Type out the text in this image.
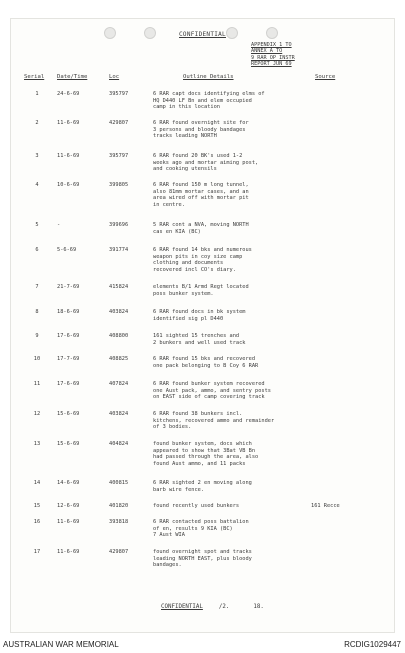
CONFIDENTIAL
APPENDIX 1 TO
ANNEX A TO
9 RAR OP INSTR
REPORT JUN 69
Serial Date/Time	Loc	Outline Details	Source
1	24-6-69	395797	6 RAR capt docs identifying elms of
HQ D440 LF Bn and elem occupied
camp in this location
2	11-6-69	429807	6 RAR found overnight site for
3 persons and bloody bandages
tracks leading NORTH
3	11-6-69	395797	6 RAR found 20 BK's used 1-2
weeks ago and mortar aiming post,
and cooking utensils
4	10-6-69	399805	6 RAR found 150 m long tunnel,
also 81mm mortar cases, and an
area wired off with mortar pit
in centre.
5	-	399696	5 RAR cont a NVA, moving NORTH
cas en KIA (BC)
6	5-6-69	391774	6 RAR found 14 bks and numerous
weapon pits in coy size camp
clothing and documents
recovered incl CO's diary.
7	21-7-69	415824	elements B/1 Armd Regt located
poss bunker system.
8	18-6-69	403824	6 RAR found docs in bk system
identified sig pl D440
9	17-6-69	408800	161 sighted 15 trenches and
2 bunkers and well used track
10	17-7-69	408825	6 RAR found 15 bks and recovered
one pack belonging to B Coy 6 RAR
11	17-6-69	407824	6 RAR found bunker system recovered
one Aust pack, ammo, and sentry posts
on EAST side of camp covering track
12	15-6-69	403824	6 RAR found 38 bunkers incl.
kitchens, recovered ammo and remainder
of 3 bodies.
13	15-6-69	404824	found bunker system, docs which
appeared to show that 3Bat VB Bn
had passed through the area, also
found Aust ammo, and 11 packs
14	14-6-69	400815	6 RAR sighted 2 en moving along
barb wire fence.
15	12-6-69	401820	found recently used bunkers	161 Recce
16	11-6-69	393818	6 RAR contacted poss battalion
of en, results 9 KIA (BC)
7 Aust WIA
17	11-6-69	429807	found overnight spot and tracks
leading NORTH EAST, plus bloody
bandages.
CONFIDENTIAL	/2.	18.
AUSTRALIAN WAR MEMORIAL	RCDIG1029447
